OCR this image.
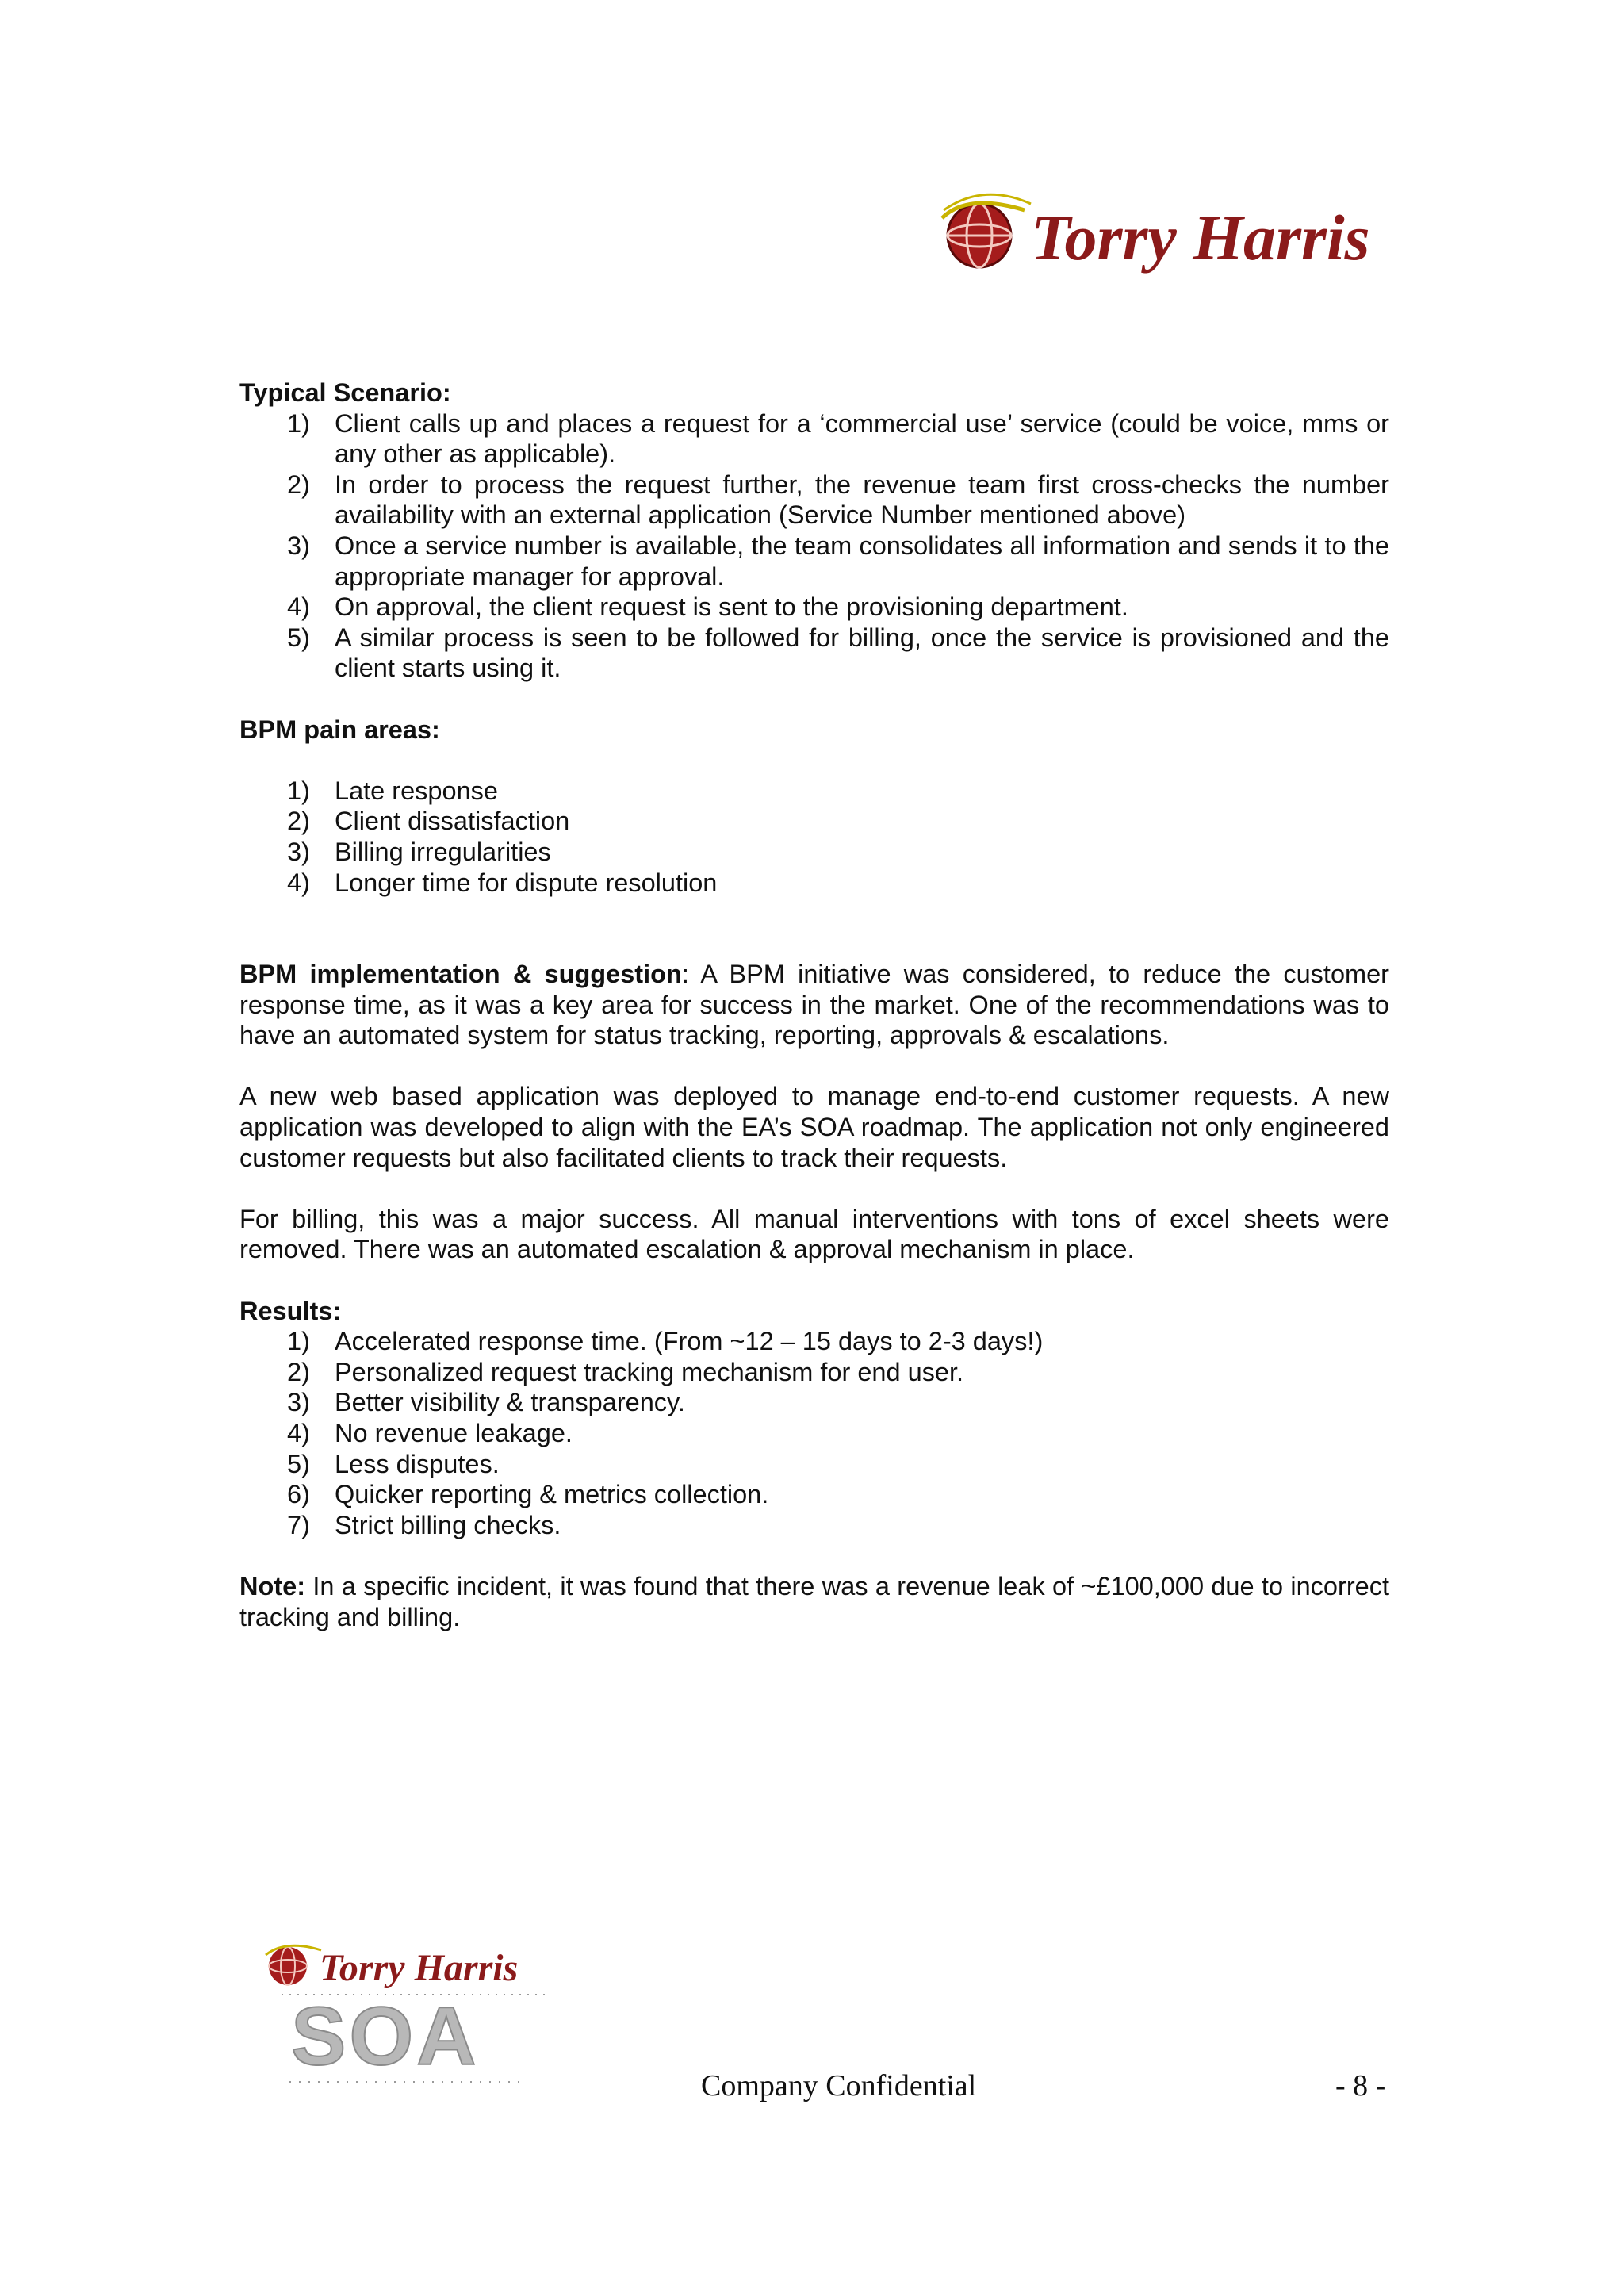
Torry Harris
Typical Scenario:
1) Client calls up and places a request for a ‘commercial use’ service (could be voice, mms or any other as applicable).
2) In order to process the request further, the revenue team first cross-checks the number availability with an external application (Service Number mentioned above)
3) Once a service number is available, the team consolidates all information and sends it to the appropriate manager for approval.
4) On approval, the client request is sent to the provisioning department.
5) A similar process is seen to be followed for billing, once the service is provisioned and the client starts using it.
BPM pain areas:
1) Late response
2) Client dissatisfaction
3) Billing irregularities
4) Longer time for dispute resolution
BPM implementation & suggestion: A BPM initiative was considered, to reduce the customer response time, as it was a key area for success in the market. One of the recommendations was to have an automated system for status tracking, reporting, approvals & escalations.
A new web based application was deployed to manage end-to-end customer requests. A new application was developed to align with the EA’s SOA roadmap. The application not only engineered customer requests but also facilitated clients to track their requests.
For billing, this was a major success. All manual interventions with tons of excel sheets were removed. There was an automated escalation & approval mechanism in place.
Results:
1) Accelerated response time. (From ~12 – 15 days to 2-3 days!)
2) Personalized request tracking mechanism for end user.
3) Better visibility & transparency.
4) No revenue leakage.
5) Less disputes.
6) Quicker reporting & metrics collection.
7) Strict billing checks.
Note: In a specific incident, it was found that there was a revenue leak of ~£100,000 due to incorrect tracking and billing.
Torry Harris
SOA
Company Confidential	- 8 -
